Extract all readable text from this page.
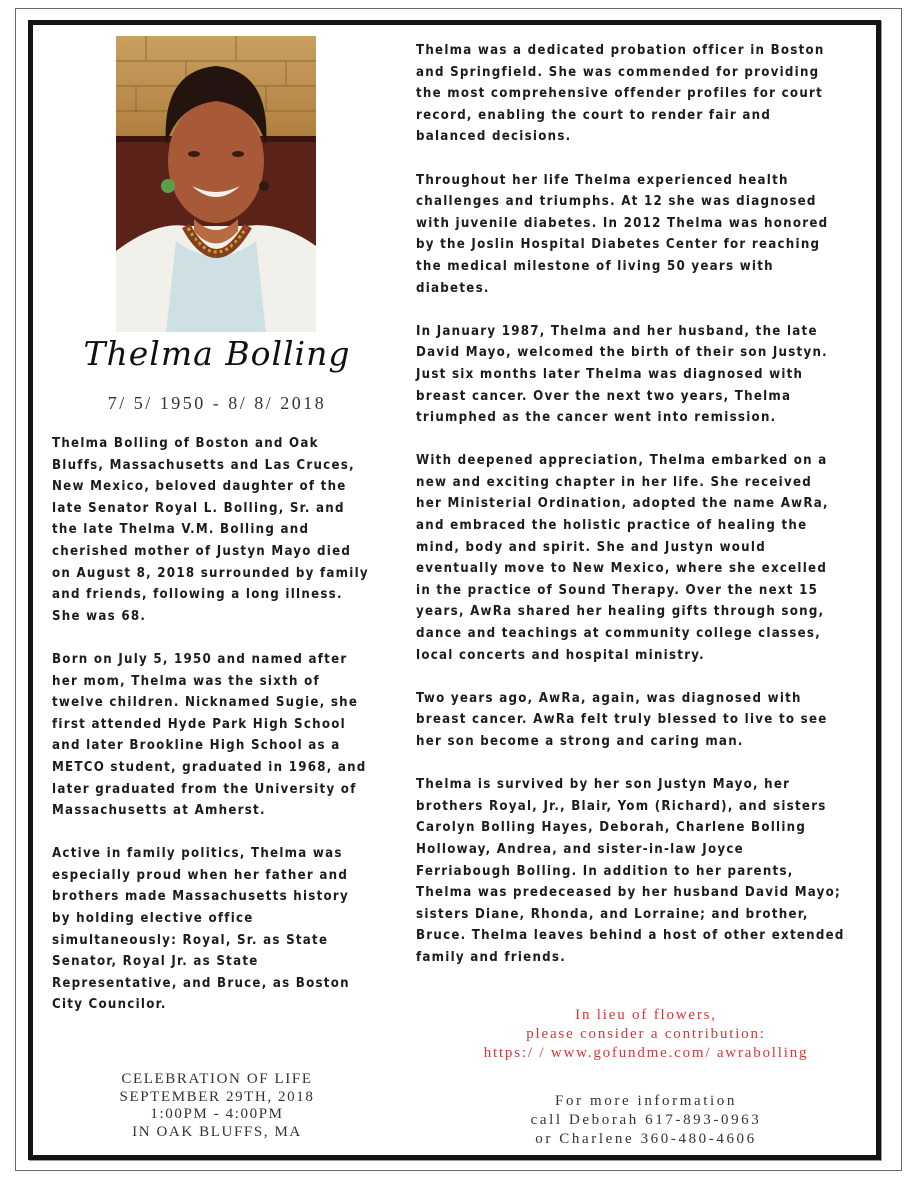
Thelma Bolling
7/ 5/ 1950 - 8/ 8/ 2018

Thelma Bolling of Boston and Oak
Bluffs, Massachusetts and Las Cruces,
New Mexico, beloved daughter of the
late Senator Royal L. Bolling, Sr. and
the late Thelma V.M. Bolling and
cherished mother of Justyn Mayo died
on August 8, 2018 surrounded by family
and friends, following a long illness.
She was 68.

Born on July 5, 1950 and named after
her mom, Thelma was the sixth of
twelve children. Nicknamed Sugie, she
first attended Hyde Park High School
and later Brookline High School as a
METCO student, graduated in 1968, and
later graduated from the University of
Massachusetts at Amherst.

Active in family politics, Thelma was
especially proud when her father and
brothers made Massachusetts history
by holding elective office
simultaneously: Royal, Sr. as State
Senator, Royal Jr. as State
Representative, and Bruce, as Boston
City Councilor.

CELEBRATION OF LIFE
SEPTEMBER 29TH, 2018
1:00PM - 4:00PM
IN OAK BLUFFS, MA

Thelma was a dedicated probation officer in Boston
and Springfield. She was commended for providing
the most comprehensive offender profiles for court
record, enabling the court to render fair and
balanced decisions.

Throughout her life Thelma experienced health
challenges and triumphs. At 12 she was diagnosed
with juvenile diabetes. In 2012 Thelma was honored
by the Joslin Hospital Diabetes Center for reaching
the medical milestone of living 50 years with
diabetes.

In January 1987, Thelma and her husband, the late
David Mayo, welcomed the birth of their son Justyn.
Just six months later Thelma was diagnosed with
breast cancer. Over the next two years, Thelma
triumphed as the cancer went into remission.

With deepened appreciation, Thelma embarked on a
new and exciting chapter in her life. She received
her Ministerial Ordination, adopted the name AwRa,
and embraced the holistic practice of healing the
mind, body and spirit. She and Justyn would
eventually move to New Mexico, where she excelled
in the practice of Sound Therapy. Over the next 15
years, AwRa shared her healing gifts through song,
dance and teachings at community college classes,
local concerts and hospital ministry.

Two years ago, AwRa, again, was diagnosed with
breast cancer. AwRa felt truly blessed to live to see
her son become a strong and caring man.

Thelma is survived by her son Justyn Mayo, her
brothers Royal, Jr., Blair, Yom (Richard), and sisters
Carolyn Bolling Hayes, Deborah, Charlene Bolling
Holloway, Andrea, and sister-in-law Joyce
Ferriabough Bolling. In addition to her parents,
Thelma was predeceased by her husband David Mayo;
sisters Diane, Rhonda, and Lorraine; and brother,
Bruce. Thelma leaves behind a host of other extended
family and friends.

In lieu of flowers,
please consider a contribution:
https:/ / www.gofundme.com/ awrabolling
For more information
call Deborah 617-893-0963
or Charlene 360-480-4606
